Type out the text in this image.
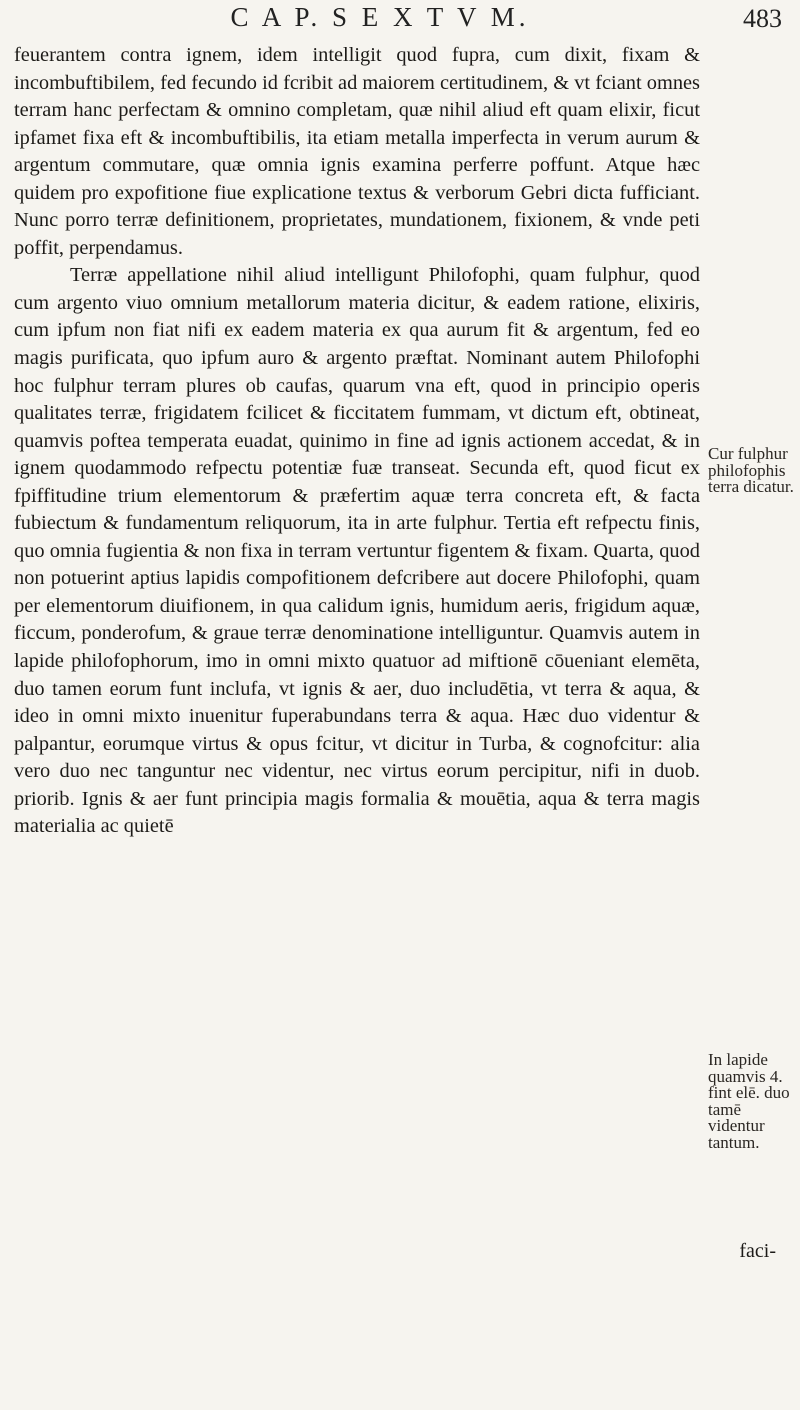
C A P. S E X T V M.	483

feuerantem contra ignem, idem intelligit quod fupra, cum dixit, fixam & incombuftibilem, fed fecundo id fcribit ad maiorem certitudinem, & vt fciant omnes terram hanc perfectam & omnino completam, quæ nihil aliud eft quam elixir, ficut ipfamet fixa eft & incombuftibilis, ita etiam metalla imperfecta in verum aurum & argentum commutare, quæ omnia ignis examina perferre poffunt. Atque hæc quidem pro expofitione fiue explicatione textus & verborum Gebri dicta fufficiant. Nunc porro terræ definitionem, proprietates, mundationem, fixionem, & vnde peti poffit, perpendamus.

Terræ appellatione nihil aliud intelligunt Philofophi, quam fulphur, quod cum argento viuo omnium metallorum materia dicitur, & eadem ratione, elixiris, cum ipfum non fiat nifi ex eadem materia ex qua aurum fit & argentum, fed eo magis purificata, quo ipfum auro & argento præftat. Nominant autem Philofophi hoc fulphur terram plures ob caufas, quarum vna eft, quod in principio operis qualitates terræ, frigidatem fcilicet & ficcitatem fummam, vt dictum eft, obtineat, quamvis poftea temperata euadat, quinimo in fine ad ignis actionem accedat, & in ignem quodammodo refpectu potentiæ fuæ transeat. Secunda eft, quod ficut ex fpiffitudine trium elementorum & præfertim aquæ terra concreta eft, & facta fubiectum & fundamentum reliquorum, ita in arte fulphur. Tertia eft refpectu finis, quo omnia fugientia & non fixa in terram vertuntur figentem & fixam. Quarta, quod non potuerint aptius lapidis compofitionem defcribere aut docere Philofophi, quam per elementorum diuifionem, in qua calidum ignis, humidum aeris, frigidum aquæ, ficcum, ponderofum, & graue terræ denominatione intelliguntur. Quamvis autem in lapide philofophorum, imo in omni mixto quatuor ad miftionē cōueniant elemēta, duo tamen eorum funt inclufa, vt ignis & aer, duo includētia, vt terra & aqua, & ideo in omni mixto inuenitur fuperabundans terra & aqua. Hæc duo videntur & palpantur, eorumque virtus & opus fcitur, vt dicitur in Turba, & cognofcitur: alia vero duo nec tanguntur nec videntur, nec virtus eorum percipitur, nifi in duob. priorib. Ignis & aer funt principia magis formalia & mouētia, aqua & terra magis materialia ac quietē

Cur fulphur philofophis terra dicatur.
In lapide quamvis 4. fint elē. duo tamē videntur tantum.
faci-
